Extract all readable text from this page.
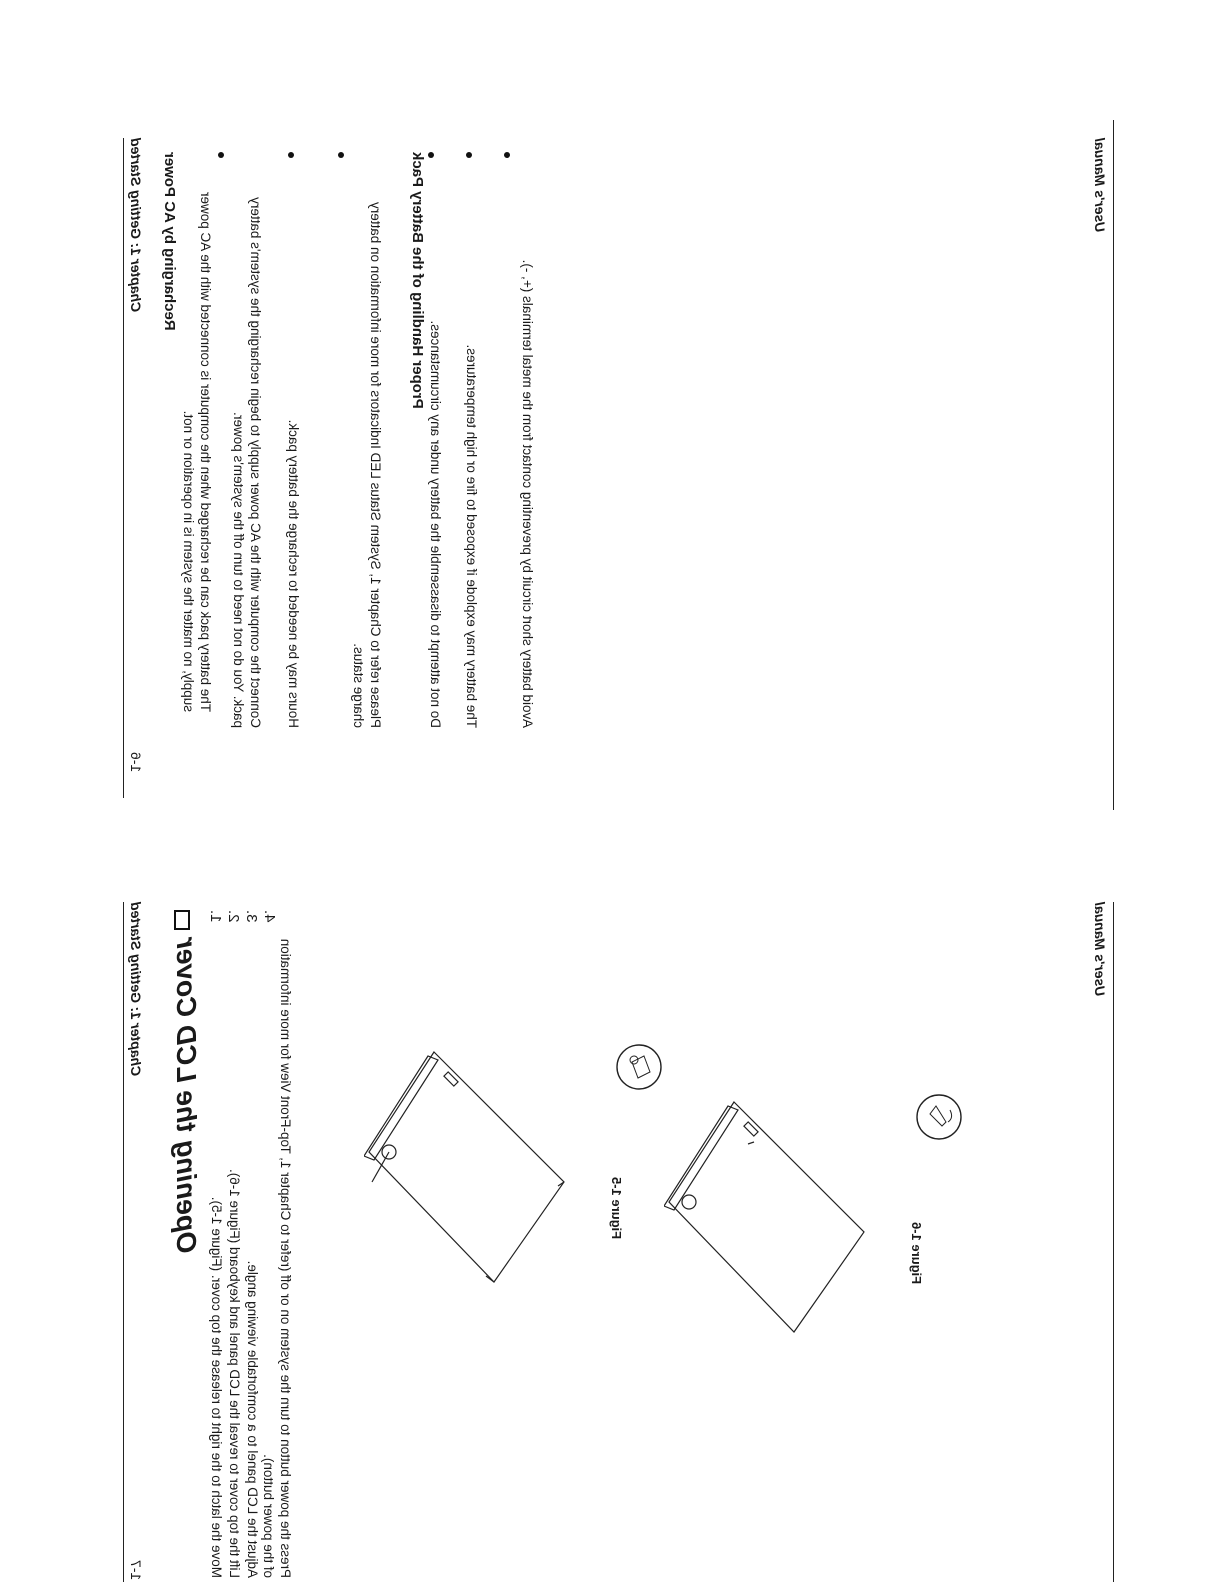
Chapter 1: Getting Started
1-6
Recharging by AC Power	The battery pack can be recharged when the computer is connected with the AC power supply, no matter the system is in operation or not.	Connect the computer with the AC power supply to begin recharging the system's battery pack. You do not need to turn off the system's power.	Hours may be needed to recharge the battery pack.	Please refer to Chapter 1, System Status LED Indicators for more information on battery charge status.
Proper Handling of the Battery Pack
Do not attempt to disassemble the battery under any circumstances. The battery may explode if exposed to fire or high temperatures.	Avoid battery short circuit by preventing contact from the metal terminals (+, -).
User's Manual
Chapter 1: Getting Started
1-7
Opening the LCD Cover
1.
Move the latch to the right to release the top cover. (Figure 1-5).
2.
Lift the top cover to reveal the LCD panel and keyboard (Figure 1-6).
3.
Adjust the LCD panel to a comfortable viewing angle.
4.
Press the power button to turn the system on or off (refer to Chapter 1, Top-Front View for more information of the power button).
Figure 1-5
Figure 1-6
User's Manual
